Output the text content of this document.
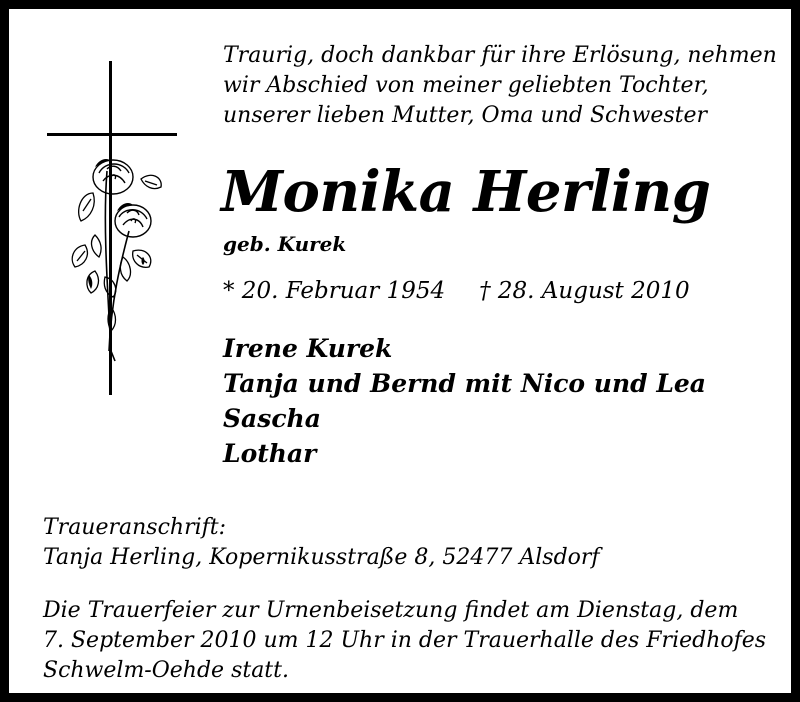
Traurig, doch dankbar für ihre Erlösung, nehmen
wir Abschied von meiner geliebten Tochter,
unserer lieben Mutter, Oma und Schwester
Monika Herling
geb. Kurek
* 20. Februar 1954 † 28. August 2010
Irene Kurek
Tanja und Bernd mit Nico und Lea
Sascha
Lothar
Traueranschrift:
Tanja Herling, Kopernikusstraße 8, 52477 Alsdorf
Die Trauerfeier zur Urnenbeisetzung findet am Dienstag, dem
7. September 2010 um 12 Uhr in der Trauerhalle des Friedhofes
Schwelm-Oehde statt.
